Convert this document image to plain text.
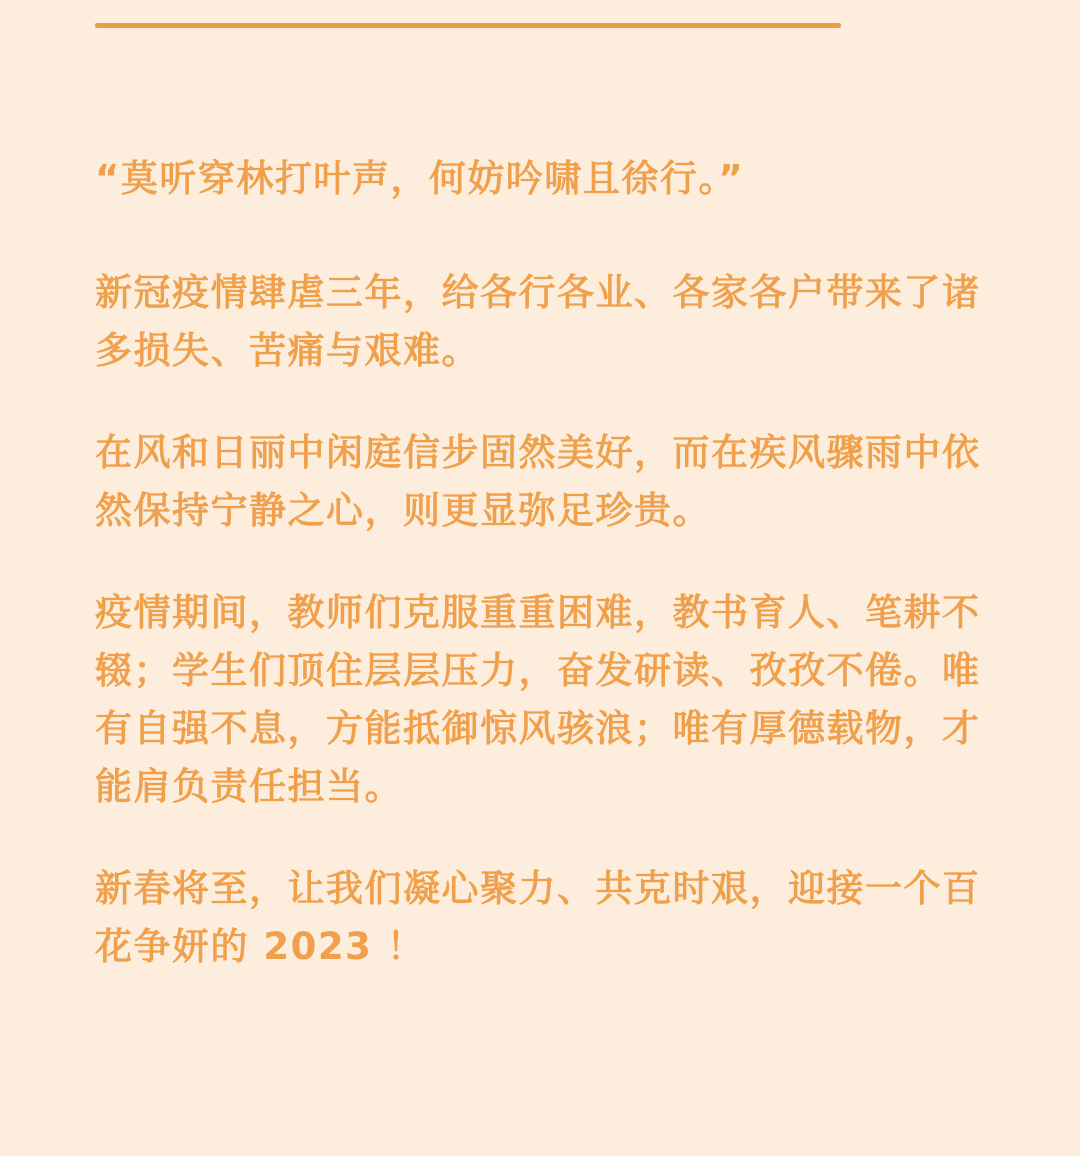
“莫听穿林打叶声，何妨吟啸且徐行。”

新冠疫情肆虐三年，给各行各业、各家各户带来了诸多损失、苦痛与艰难。

在风和日丽中闲庭信步固然美好，而在疾风骤雨中依然保持宁静之心，则更显弥足珍贵。

疫情期间，教师们克服重重困难，教书育人、笔耕不辍；学生们顶住层层压力，奋发研读、孜孜不倦。唯有自强不息，方能抵御惊风骇浪；唯有厚德载物，才能肩负责任担当。

新春将至，让我们凝心聚力、共克时艰，迎接一个百花争妍的 2023 ！
